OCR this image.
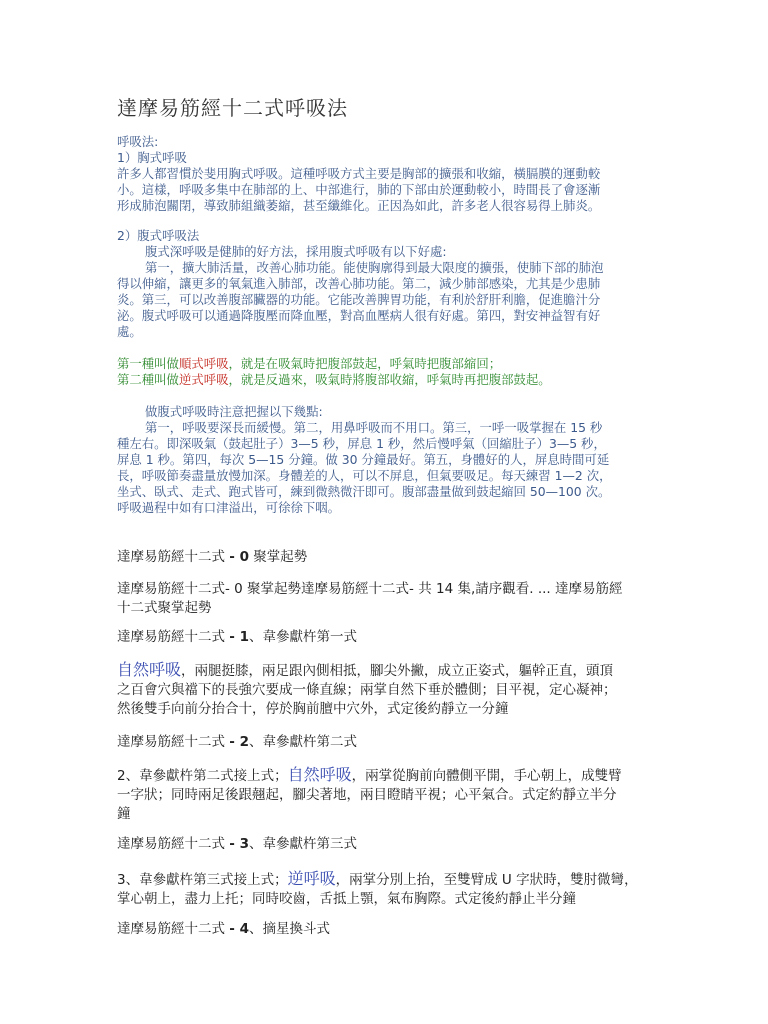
達摩易筋經十二式呼吸法

呼吸法:

1）胸式呼吸

許多人都習慣於斐用胸式呼吸。這種呼吸方式主要是胸部的擴張和收縮，橫膈膜的運動較

小。這樣，呼吸多集中在肺部的上、中部進行，肺的下部由於運動較小，時間長了會逐漸

形成肺泡關閉，導致肺組織萎縮，甚至纖維化。正因為如此，許多老人很容易得上肺炎。

2）腹式呼吸法

腹式深呼吸是健肺的好方法，採用腹式呼吸有以下好處:

第一，擴大肺活量，改善心肺功能。能使胸廓得到最大限度的擴張，使肺下部的肺泡

得以伸縮，讓更多的氧氣進入肺部，改善心肺功能。第二，減少肺部感染，尤其是少患肺

炎。第三，可以改善腹部臟器的功能。它能改善脾胃功能，有利於舒肝利膽，促進膽汁分

泌。腹式呼吸可以通過降腹壓而降血壓，對高血壓病人很有好處。第四，對安神益智有好

處。

第一種叫做順式呼吸，就是在吸氣時把腹部鼓起，呼氣時把腹部縮回；

第二種叫做逆式呼吸，就是反過來，吸氣時將腹部收縮，呼氣時再把腹部鼓起。

做腹式呼吸時注意把握以下幾點:

第一，呼吸要深長而緩慢。第二，用鼻呼吸而不用口。第三，一呼一吸掌握在 15 秒

種左右。即深吸氣（鼓起肚子）3—5 秒，屏息 1 秒，然后慢呼氣（回縮肚子）3—5 秒，

屏息 1 秒。第四，每次 5—15 分鐘。做 30 分鐘最好。第五，身體好的人，屏息時間可延

長，呼吸節奏盡量放慢加深。身體差的人，可以不屏息，但氣要吸足。每天練習 1—2 次，

坐式、臥式、走式、跑式皆可，練到微熱微汗即可。腹部盡量做到鼓起縮回 50—100 次。

呼吸過程中如有口津溢出，可徐徐下咽。

達摩易筋經十二式 - 0 聚掌起勢

達摩易筋經十二式- 0 聚掌起勢達摩易筋經十二式- 共 14 集,請序觀看. ... 達摩易筋經

十二式聚掌起勢

達摩易筋經十二式 - 1、韋參獻杵第一式

自然呼吸，兩腿挺膝，兩足跟內側相抵，腳尖外撇，成立正姿式，軀幹正直，頭頂

之百會穴與襠下的長強穴要成一條直線；兩掌自然下垂於體側；目平視，定心凝神；

然後雙手向前分抬合十，停於胸前膻中穴外，式定後約靜立一分鐘

達摩易筋經十二式 - 2、韋參獻杵第二式

2、韋參獻杵第二式接上式；自然呼吸，兩掌從胸前向體側平開，手心朝上，成雙臂

一字狀；同時兩足後跟翹起，腳尖著地，兩目瞪睛平視；心平氣合。式定約靜立半分

鐘

達摩易筋經十二式 - 3、韋參獻杵第三式

3、韋參獻杵第三式接上式；逆呼吸，兩掌分別上抬，至雙臂成 U 字狀時，雙肘微彎，

掌心朝上，盡力上托；同時咬齒，舌抵上顎，氣布胸際。式定後約靜止半分鐘

達摩易筋經十二式 - 4、摘星換斗式
